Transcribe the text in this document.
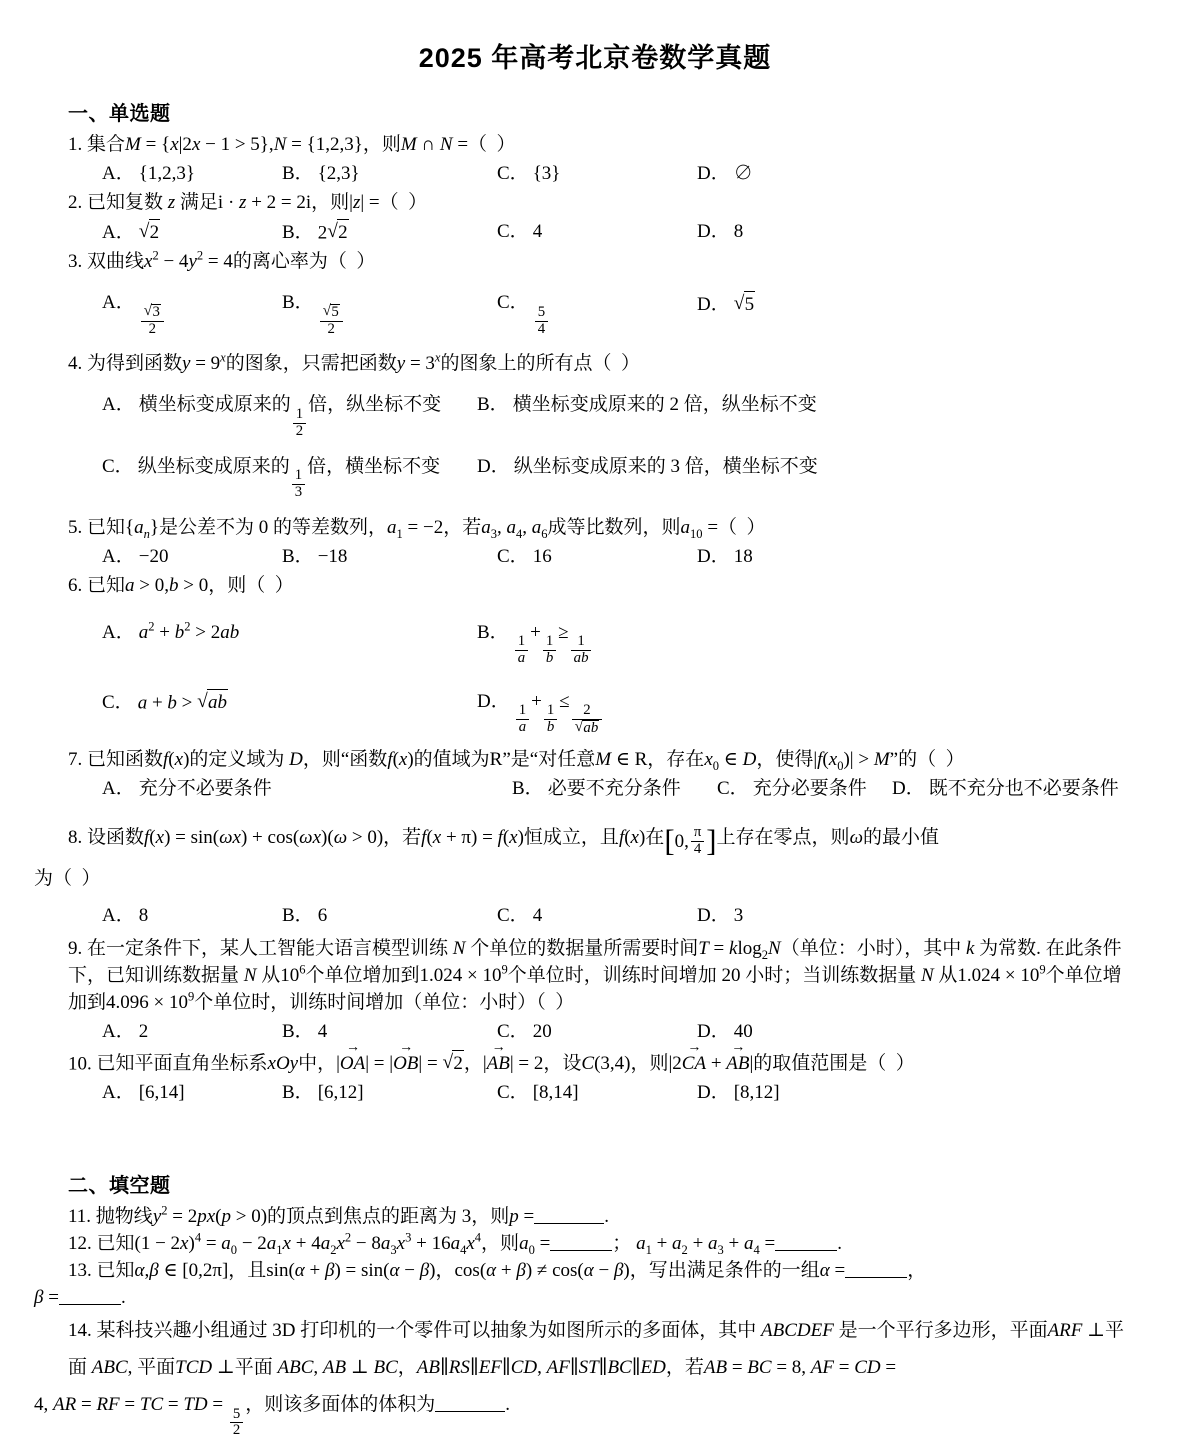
2025 年高考北京卷数学真题
一、单选题
1. 集合M = {x|2x − 1 > 5},N = {1,2,3}，则M ∩ N =（  ）
A． {1,2,3}	B． {2,3}	C． {3}	D． ∅
2. 已知复数 z 满足i · z + 2 = 2i，则|z| =（  ）
A． √ 2	B． 2 √ 2	C． 4	D． 8
3. 双曲线$x^2 - 4y^2 = 4$的离心率为（  ）
A．
√ $\frac{3}{2}$
B．
√ $\frac{5}{2}$
C．
$\frac{5}{4}$
D． √ 5
4. 为得到函数$y = 9^x$的图象，只需把函数$y = 3^x$的图象上的所有点（  ）
A． 横坐标变成原来的
$\frac{1}{2}$
倍，纵坐标不变	B． 横坐标变成原来的 2 倍，纵坐标不变
C． 纵坐标变成原来的
$\frac{1}{3}$
倍，横坐标不变	D． 纵坐标变成原来的 3 倍，横坐标不变
5. 已知$\{a_n\}$是公差不为 0 的等差数列，$a_1 = -2$，若$a_3$, $a_4$, $a_6$成等比数列，则$a_{10}$ =（  ）
A． −20	B． −18	C． 16	D． 18
6. 已知a > 0,b > 0，则（  ）
A． $a^2 + b^2 > 2ab$	B．
$\frac{1}{a}$
+
$\frac{1}{b}$
≥
$\frac{1}{ab}$
C． a + b > √ ab	D．
$\frac{1}{a}$
+
$\frac{1}{b}$
≤
2
√ ab
7. 已知函数f(x)的定义域为 D，则“函数f(x)的值域为R”是“对任意M ∈ R，存在$x_0$ ∈ D，使得$|f(x_0)| > M$”的（  ）
A． 充分不必要条件	B． 必要不充分条件	C． 充分必要条件	D． 既不充分也不必要条件
8. 设函数f(x) = sin(ωx) + cos(ωx)(ω > 0)，若f(x + π) = f(x)恒成立，且f(x)在 [ 0, $\frac{\pi}{4}$ ] 上存在零点，则ω的最小值
为（  ）
A． 8	B． 6	C． 4	D． 3
9. 在一定条件下，某人工智能大语言模型训练 N 个单位的数据量所需要时间T = klog$_2$N（单位：小时），其中 k 为常数. 在此条件下，已知训练数据量 N 从$10^6$个单位增加到$1.024 \times 10^9$个单位时，训练时间增加 20 小时；当训练数据量 N 从$1.024 \times 10^9$个单位增加到$4.096 \times 10^9$个单位时，训练时间增加（单位：小时）（  ）
A． 2	B． 4	C． 20	D． 40
10. 已知平面直角坐标系xOy中，|OA →| = |OB →| = √ 2，|AB →| = 2，设C(3,4)，则|2CA → + AB →|的取值范围是（  ）
A． [6,14]	B． [6,12]	C． [8,14]	D． [8,12]
二、填空题
11. 抛物线$y^2 = 2px(p > 0)$的顶点到焦点的距离为 3，则p =	.
12. 已知$(1 - 2x)^4 = a_0 - 2a_1x + 4a_2x^2 - 8a_3x^3 + 16a_4x^4$，则$a_0$ =	； $a_1 + a_2 + a_3 + a_4$ =	.
13. 已知α,β ∈ [0,2π]，且sin(α + β) = sin(α − β)，cos(α + β) ≠ cos(α − β)，写出满足条件的一组α =	，
β =	.
14. 某科技兴趣小组通过 3D 打印机的一个零件可以抽象为如图所示的多面体，其中 ABCDEF 是一个平行多边形，平面ARF ⊥平面 ABC, 平面TCD ⊥平面 ABC, AB ⊥ BC，AB∥RS∥EF∥CD, AF∥ST∥BC∥ED，若AB = BC = 8, AF = CD =
4, AR = RF = TC = TD =
$\frac{5}{2}$
，则该多面体的体积为	.
